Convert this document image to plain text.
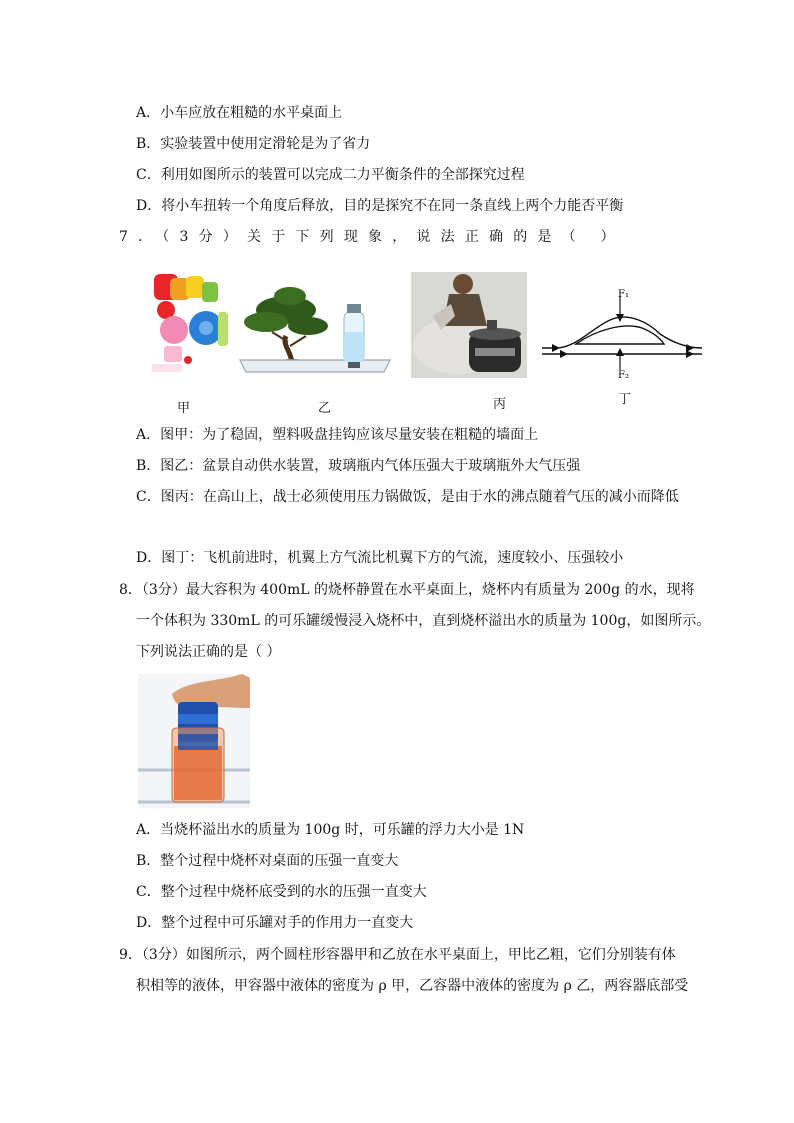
A．小车应放在粗糙的水平桌面上
B．实验装置中使用定滑轮是为了省力
C．利用如图所示的装置可以完成二力平衡条件的全部探究过程
D．将小车扭转一个角度后释放，目的是探究不在同一条直线上两个力能否平衡
7．（3分）关于下列现象，说法正确的是（ ）
甲	乙	丙
F₁
F₂
丁
A．图甲：为了稳固，塑料吸盘挂钩应该尽量安装在粗糙的墙面上
B．图乙：盆景自动供水装置，玻璃瓶内气体压强大于玻璃瓶外大气压强
C．图丙：在高山上，战士必须使用压力锅做饭，是由于水的沸点随着气压的减小而降低
D．图丁：飞机前进时，机翼上方气流比机翼下方的气流，速度较小、压强较小
8．（3分）最大容积为 400mL 的烧杯静置在水平桌面上，烧杯内有质量为 200g 的水，现将
一个体积为 330mL 的可乐罐缓慢浸入烧杯中，直到烧杯溢出水的质量为 100g，如图所示。
下列说法正确的是（ ）
A．当烧杯溢出水的质量为 100g 时，可乐罐的浮力大小是 1N
B．整个过程中烧杯对桌面的压强一直变大
C．整个过程中烧杯底受到的水的压强一直变大
D．整个过程中可乐罐对手的作用力一直变大
9．（3分）如图所示，两个圆柱形容器甲和乙放在水平桌面上，甲比乙粗，它们分别装有体
积相等的液体，甲容器中液体的密度为 ρ 甲，乙容器中液体的密度为 ρ 乙，两容器底部受
